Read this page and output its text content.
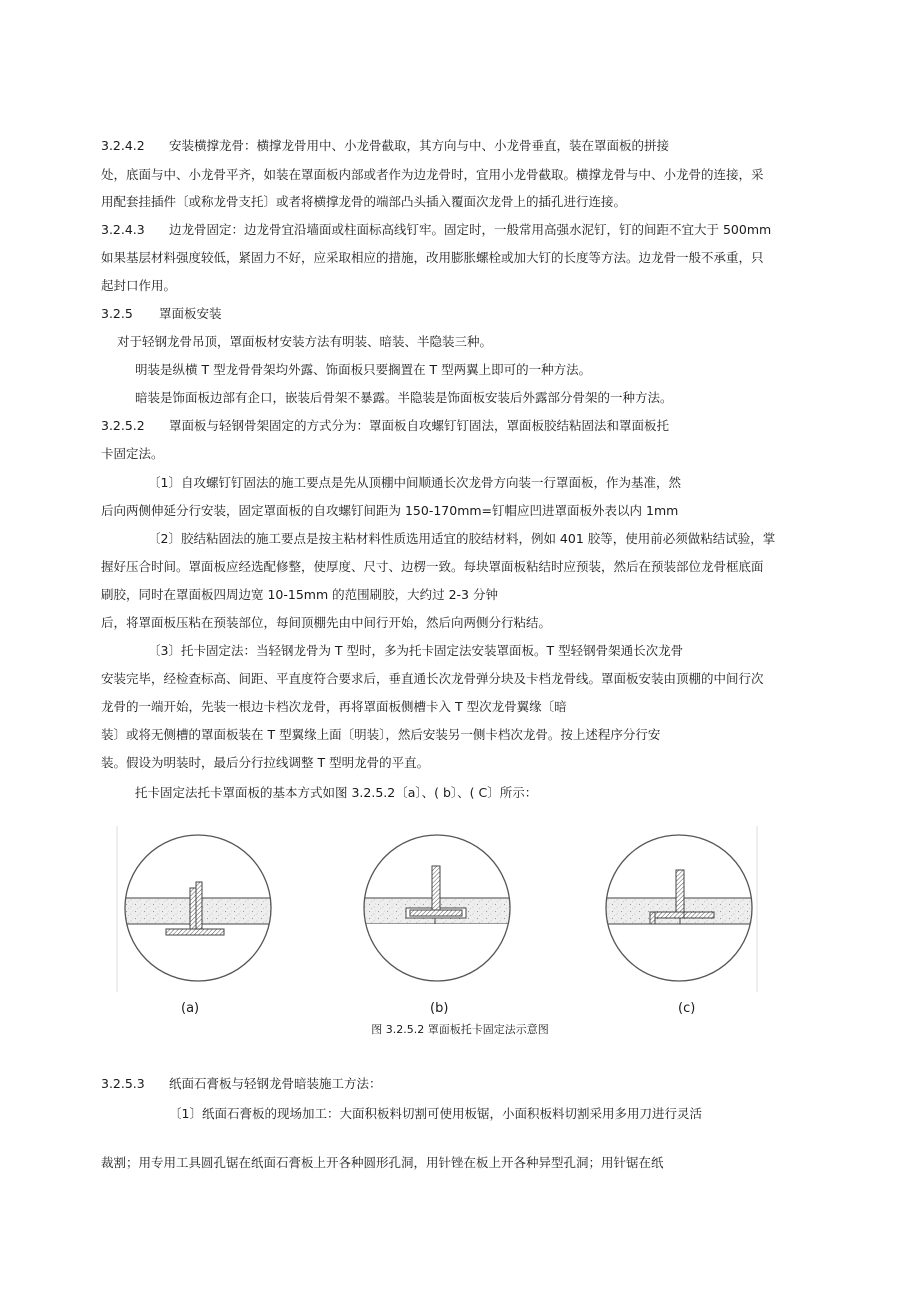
3.2.4.2 安装横撑龙骨：横撑龙骨用中、小龙骨截取，其方向与中、小龙骨垂直，装在罩面板的拼接
处，底面与中、小龙骨平齐，如装在罩面板内部或者作为边龙骨时，宜用小龙骨截取。横撑龙骨与中、小龙骨的连接，采
用配套挂插件〔或称龙骨支托〕或者将横撑龙骨的端部凸头插入覆面次龙骨上的插孔进行连接。
3.2.4.3 边龙骨固定：边龙骨宜沿墙面或柱面标高线钉牢。固定时，一般常用高强水泥钉，钉的间距不宜大于 500mm
如果基层材料强度较低，紧固力不好，应采取相应的措施，改用膨胀螺栓或加大钉的长度等方法。边龙骨一般不承重，只
起封口作用。
3.2.5 罩面板安装
对于轻钢龙骨吊顶，罩面板材安装方法有明装、暗装、半隐装三种。
明装是纵横 T 型龙骨骨架均外露、饰面板只要搁置在 T 型两翼上即可的一种方法。
暗装是饰面板边部有企口，嵌装后骨架不暴露。半隐装是饰面板安装后外露部分骨架的一种方法。
3.2.5.2 罩面板与轻钢骨架固定的方式分为：罩面板自攻螺钉钉固法，罩面板胶结粘固法和罩面板托
卡固定法。
〔1〕自攻螺钉钉固法的施工要点是先从顶棚中间顺通长次龙骨方向装一行罩面板，作为基准，然
后向两侧伸延分行安装，固定罩面板的自攻螺钉间距为 150-170mm=钉帽应凹进罩面板外表以内 1mm
〔2〕胶结粘固法的施工要点是按主粘材料性质选用适宜的胶结材料，例如 401 胶等，使用前必须做粘结试验，掌
握好压合时间。罩面板应经选配修整，使厚度、尺寸、边楞一致。每块罩面板粘结时应预装，然后在预装部位龙骨框底面
刷胶，同时在罩面板四周边宽 10-15mm 的范围刷胶，大约过 2-3 分钟
后，将罩面板压粘在预装部位，每间顶棚先由中间行开始，然后向两侧分行粘结。
〔3〕托卡固定法：当轻钢龙骨为 T 型时，多为托卡固定法安装罩面板。T 型轻钢骨架通长次龙骨
安装完毕，经检查标高、间距、平直度符合要求后，垂直通长次龙骨弹分块及卡档龙骨线。罩面板安装由顶棚的中间行次
龙骨的一端开始，先装一根边卡档次龙骨，再将罩面板侧槽卡入 T 型次龙骨翼缘〔暗
装〕或将无侧槽的罩面板装在 T 型翼缘上面〔明装〕，然后安装另一侧卡档次龙骨。按上述程序分行安
装。假设为明装时，最后分行拉线调整 T 型明龙骨的平直。
托卡固定法托卡罩面板的基本方式如图 3.2.5.2〔a〕、( b〕、( C〕所示：
(a)	(b)	(c)
图 3.2.5.2 罩面板托卡固定法示意图
3.2.5.3 纸面石膏板与轻钢龙骨暗装施工方法：
〔1〕纸面石膏板的现场加工：大面积板料切割可使用板锯，小面积板料切割采用多用刀进行灵活
裁割；用专用工具圆孔锯在纸面石膏板上开各种圆形孔洞，用针锉在板上开各种异型孔洞；用针锯在纸
